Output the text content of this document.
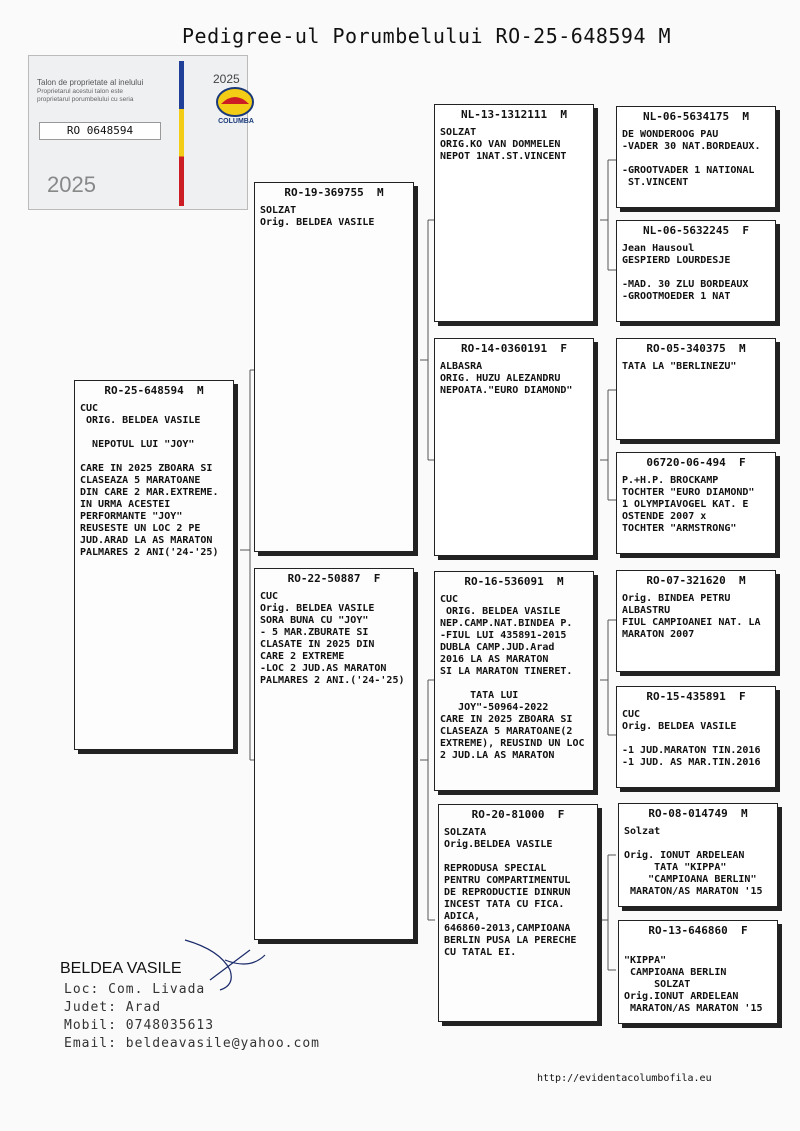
Pedigree-ul Porumbelului RO-25-648594 M
Talon de proprietate al inelului
Proprietarul acestui talon este
proprietarul porumbelului cu seria
RO 0648594
2025
2025
COLUMBA
RO-25-648594  M
CUC
ORIG. BELDEA VASILE

NEPOTUL LUI "JOY"

CARE IN 2025 ZBOARA SI
CLASEAZA 5 MARATOANE
DIN CARE 2 MAR.EXTREME.
IN URMA ACESTEI
PERFORMANTE "JOY"
REUSESTE UN LOC 2 PE
JUD.ARAD LA AS MARATON
PALMARES 2 ANI('24-'25)
RO-19-369755  M
SOLZAT
Orig. BELDEA VASILE
RO-22-50887  F
CUC
Orig. BELDEA VASILE
SORA BUNA CU "JOY"
- 5 MAR.ZBURATE SI
CLASATE IN 2025 DIN
CARE 2 EXTREME
-LOC 2 JUD.AS MARATON
PALMARES 2 ANI.('24-'25)
NL-13-1312111  M
SOLZAT
ORIG.KO VAN DOMMELEN
NEPOT 1NAT.ST.VINCENT
RO-14-0360191  F
ALBASRA
ORIG. HUZU ALEZANDRU
NEPOATA."EURO DIAMOND"
RO-16-536091  M
CUC
ORIG. BELDEA VASILE
NEP.CAMP.NAT.BINDEA P.
-FIUL LUI 435891-2015
DUBLA CAMP.JUD.Arad
2016 LA AS MARATON
SI LA MARATON TINERET.

TATA LUI
JOY"-50964-2022
CARE IN 2025 ZBOARA SI
CLASEAZA 5 MARATOANE(2
EXTREME), REUSIND UN LOC
2 JUD.LA AS MARATON
RO-20-81000  F
SOLZATA
Orig.BELDEA VASILE

REPRODUSA SPECIAL
PENTRU COMPARTIMENTUL
DE REPRODUCTIE DINRUN
INCEST TATA CU FICA.
ADICA,
646860-2013,CAMPIOANA
BERLIN PUSA LA PERECHE
CU TATAL EI.
NL-06-5634175  M
DE WONDEROOG PAU
-VADER 30 NAT.BORDEAUX.

-GROOTVADER 1 NATIONAL
ST.VINCENT
NL-06-5632245  F
Jean Hausoul
GESPIERD LOURDESJE

-MAD. 30 ZLU BORDEAUX
-GROOTMOEDER 1 NAT
RO-05-340375  M
TATA LA "BERLINEZU"
06720-06-494  F
P.+H.P. BROCKAMP
TOCHTER "EURO DIAMOND"
1 OLYMPIAVOGEL KAT. E
OSTENDE 2007 x
TOCHTER "ARMSTRONG"
RO-07-321620  M
Orig. BINDEA PETRU
ALBASTRU
FIUL CAMPIOANEI NAT. LA
MARATON 2007
RO-15-435891  F
CUC
Orig. BELDEA VASILE

-1 JUD.MARATON TIN.2016
-1 JUD. AS MAR.TIN.2016
RO-08-014749  M
Solzat

Orig. IONUT ARDELEAN
TATA "KIPPA"
"CAMPIOANA BERLIN"
MARATON/AS MARATON '15
RO-13-646860  F

"KIPPA"
CAMPIOANA BERLIN
SOLZAT
Orig.IONUT ARDELEAN
MARATON/AS MARATON '15
BELDEA VASILE
Loc: Com. Livada
Judet: Arad
Mobil: 0748035613
Email: beldeavasile@yahoo.com
http://evidentacolumbofila.eu
